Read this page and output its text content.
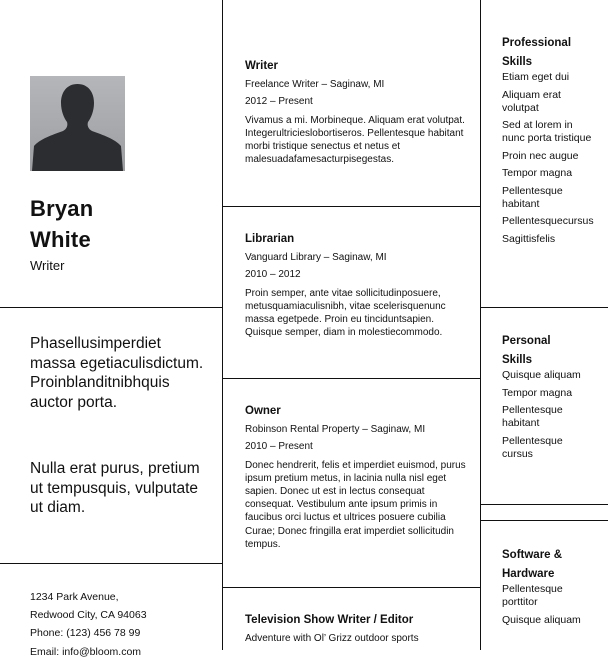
Bryan
White
Writer
Phasellusimperdiet massa egetiaculisdictum. Proinblanditnibhquis auctor porta.
Nulla erat purus, pretium ut tempusquis, vulputate ut diam.
1234 Park Avenue,
Redwood City, CA 94063
Phone: (123) 456 78 99
Email: info@bloom.com
Writer
Freelance Writer – Saginaw, MI
2012 – Present
Vivamus a mi. Morbineque. Aliquam erat volutpat. Integerultricieslobortiseros. Pellentesque habitant morbi tristique senectus et netus et malesuadafamesacturpisegestas.
Librarian
Vanguard Library – Saginaw, MI
2010 – 2012
Proin semper, ante vitae sollicitudinposuere, metusquamiaculisnibh, vitae scelerisquenunc massa egetpede. Proin eu tinciduntsapien. Quisque semper, diam in molestiecommodo.
Owner
Robinson Rental Property – Saginaw, MI
2010 – Present
Donec hendrerit, felis et imperdiet euismod, purus ipsum pretium metus, in lacinia nulla nisl eget sapien. Donec ut est in lectus consequat consequat. Vestibulum ante ipsum primis in faucibus orci luctus et ultrices posuere cubilia Curae; Donec fringilla erat imperdiet sollicitudin tempus.
Television Show Writer / Editor
Adventure with Ol’ Grizz outdoor sports
Professional
Skills
Etiam eget dui
Aliquam erat volutpat
Sed at lorem in nunc porta tristique
Proin nec augue
Tempor magna
Pellentesque habitant
Pellentesquecursus
Sagittisfelis
Personal
Skills
Quisque aliquam
Tempor magna
Pellentesque habitant
Pellentesque cursus
Software &
Hardware
Pellentesque porttitor
Quisque aliquam
